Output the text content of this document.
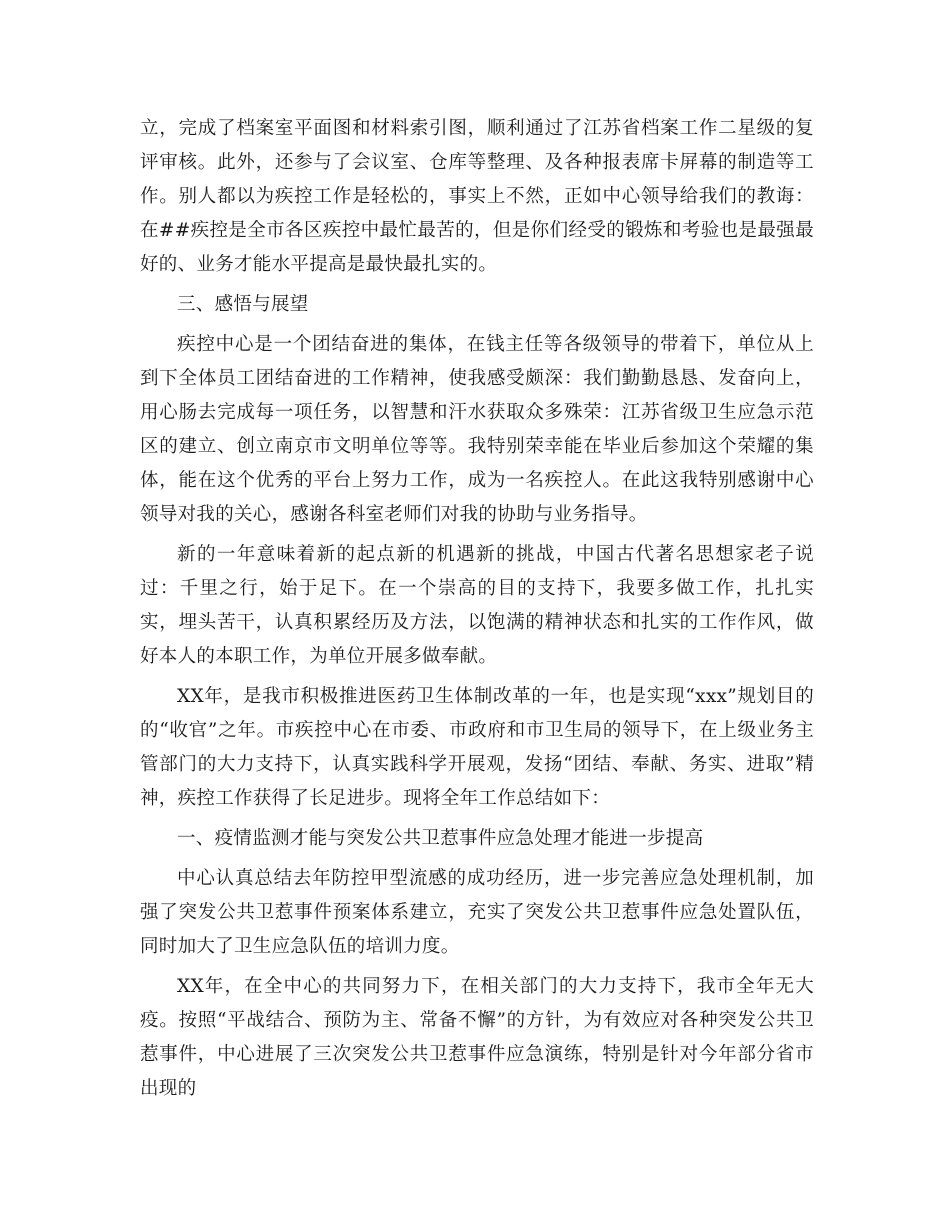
立，完成了档案室平面图和材料索引图，顺利通过了江苏省档案工作二星级的复评审核。此外，还参与了会议室、仓库等整理、及各种报表席卡屏幕的制造等工作。别人都以为疾控工作是轻松的，事实上不然，正如中心领导给我们的教诲：在##疾控是全市各区疾控中最忙最苦的，但是你们经受的锻炼和考验也是最强最好的、业务才能水平提高是最快最扎实的。

三、感悟与展望

疾控中心是一个团结奋进的集体，在钱主任等各级领导的带着下，单位从上到下全体员工团结奋进的工作精神，使我感受颇深：我们勤勤恳恳、发奋向上，用心肠去完成每一项任务，以智慧和汗水获取众多殊荣：江苏省级卫生应急示范区的建立、创立南京市文明单位等等。我特别荣幸能在毕业后参加这个荣耀的集体，能在这个优秀的平台上努力工作，成为一名疾控人。在此这我特别感谢中心领导对我的关心，感谢各科室老师们对我的协助与业务指导。

新的一年意味着新的起点新的机遇新的挑战，中国古代著名思想家老子说过：千里之行，始于足下。在一个崇高的目的支持下，我要多做工作，扎扎实实，埋头苦干，认真积累经历及方法，以饱满的精神状态和扎实的工作作风，做好本人的本职工作，为单位开展多做奉献。

XX年，是我市积极推进医药卫生体制改革的一年，也是实现“xxx”规划目的的“收官”之年。市疾控中心在市委、市政府和市卫生局的领导下，在上级业务主管部门的大力支持下，认真实践科学开展观，发扬“团结、奉献、务实、进取”精神，疾控工作获得了长足进步。现将全年工作总结如下：

一、疫情监测才能与突发公共卫惹事件应急处理才能进一步提高

中心认真总结去年防控甲型流感的成功经历，进一步完善应急处理机制，加强了突发公共卫惹事件预案体系建立，充实了突发公共卫惹事件应急处置队伍，同时加大了卫生应急队伍的培训力度。

XX年，在全中心的共同努力下，在相关部门的大力支持下，我市全年无大疫。按照“平战结合、预防为主、常备不懈”的方针，为有效应对各种突发公共卫惹事件，中心进展了三次突发公共卫惹事件应急演练，特别是针对今年部分省市出现的
